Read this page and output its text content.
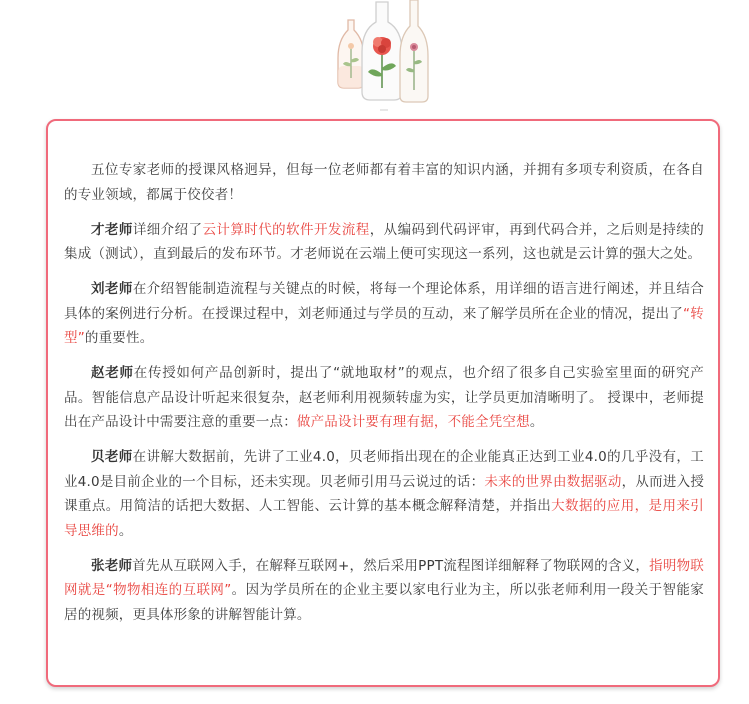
五位专家老师的授课风格迥异，但每一位老师都有着丰富的知识内涵，并拥有多项专利资质，在各自的专业领域，都属于佼佼者！

才老师详细介绍了云计算时代的软件开发流程，从编码到代码评审，再到代码合并，之后则是持续的集成（测试），直到最后的发布环节。才老师说在云端上便可实现这一系列，这也就是云计算的强大之处。

刘老师在介绍智能制造流程与关键点的时候，将每一个理论体系，用详细的语言进行阐述，并且结合具体的案例进行分析。在授课过程中，刘老师通过与学员的互动，来了解学员所在企业的情况，提出了“转型”的重要性。

赵老师在传授如何产品创新时，提出了“就地取材”的观点，也介绍了很多自己实验室里面的研究产品。智能信息产品设计听起来很复杂，赵老师利用视频转虚为实，让学员更加清晰明了。 授课中，老师提出在产品设计中需要注意的重要一点：做产品设计要有理有据，不能全凭空想。

贝老师在讲解大数据前，先讲了工业4.0，贝老师指出现在的企业能真正达到工业4.0的几乎没有，工业4.0是目前企业的一个目标，还未实现。贝老师引用马云说过的话：未来的世界由数据驱动，从而进入授课重点。用简洁的话把大数据、人工智能、云计算的基本概念解释清楚，并指出大数据的应用，是用来引导思维的。

张老师首先从互联网入手，在解释互联网+，然后采用PPT流程图详细解释了物联网的含义，指明物联网就是“物物相连的互联网”。因为学员所在的企业主要以家电行业为主，所以张老师利用一段关于智能家居的视频，更具体形象的讲解智能计算。
